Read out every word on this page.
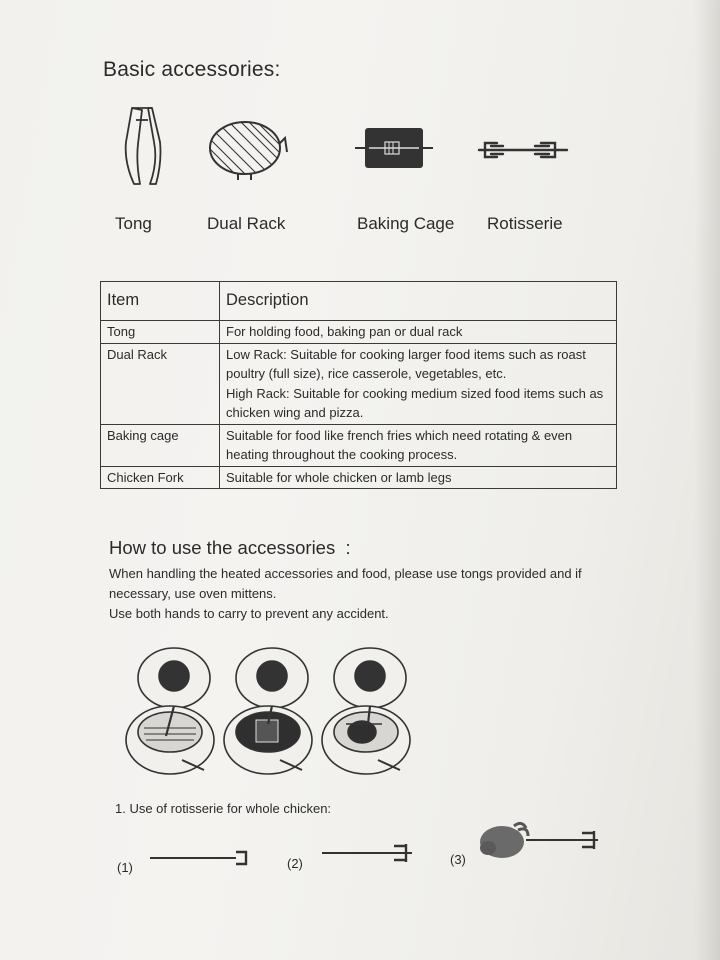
Basic accessories:
Tong	Dual Rack	Baking Cage Rotisserie
Item	Description
Tong	For holding food, baking pan or dual rack
Dual Rack	Low Rack: Suitable for cooking larger food items such as roast poultry (full size), rice casserole, vegetables, etc.
High Rack: Suitable for cooking medium sized food items such as chicken wing and pizza.

Baking cage	Suitable for food like french fries which need rotating & even heating throughout the cooking process.
Chicken Fork	Suitable for whole chicken or lamb legs
How to use the accessories  :
When handling the heated accessories and food, please use tongs provided and if necessary, use oven mittens.
Use both hands to carry to prevent any accident.
1. Use of rotisserie for whole chicken:
(1)	(2)	(3)
